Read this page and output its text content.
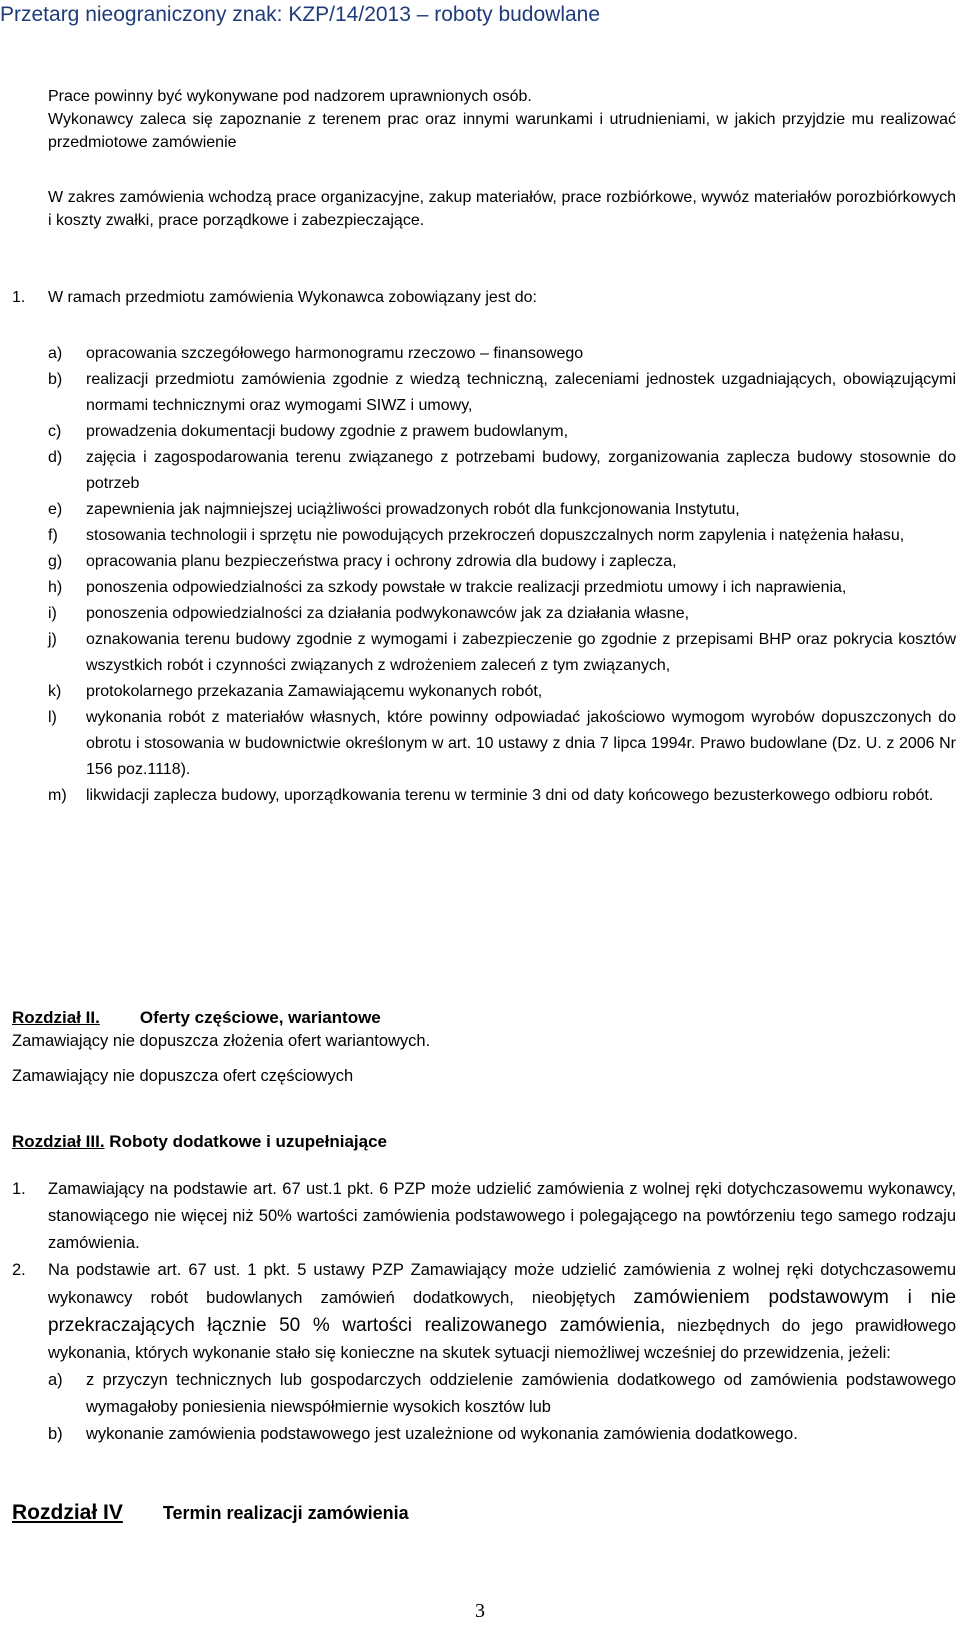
Przetarg nieograniczony znak: KZP/14/2013 – roboty budowlane

Prace powinny być wykonywane pod nadzorem uprawnionych osób.

Wykonawcy zaleca się zapoznanie z terenem prac oraz innymi warunkami i utrudnieniami, w jakich przyjdzie mu realizować przedmiotowe zamówienie

W zakres zamówienia wchodzą prace organizacyjne, zakup materiałów, prace rozbiórkowe, wywóz materiałów porozbiórkowych i koszty zwałki, prace porządkowe i zabezpieczające.

1. W ramach przedmiotu zamówienia Wykonawca zobowiązany jest do:
a)	opracowania szczegółowego harmonogramu rzeczowo – finansowego
b)	realizacji przedmiotu zamówienia zgodnie z wiedzą techniczną, zaleceniami jednostek uzgadniających, obowiązującymi normami technicznymi oraz wymogami SIWZ i umowy,
c)	prowadzenia dokumentacji budowy zgodnie z prawem budowlanym,
d)	zajęcia i zagospodarowania terenu związanego z potrzebami budowy, zorganizowania zaplecza budowy stosownie do potrzeb
e)	zapewnienia jak najmniejszej uciążliwości prowadzonych robót dla funkcjonowania Instytutu,
f)	stosowania technologii i sprzętu nie powodujących przekroczeń dopuszczalnych norm zapylenia i natężenia hałasu,
g)	opracowania planu bezpieczeństwa pracy i ochrony zdrowia dla budowy i zaplecza,
h)	ponoszenia odpowiedzialności za szkody powstałe w trakcie realizacji przedmiotu umowy i ich naprawienia,
i)	ponoszenia odpowiedzialności za działania podwykonawców jak za działania własne,
j)	oznakowania terenu budowy zgodnie z wymogami i zabezpieczenie go zgodnie z przepisami BHP oraz pokrycia kosztów wszystkich robót i czynności związanych z wdrożeniem zaleceń z tym związanych,
k)	protokolarnego przekazania Zamawiającemu wykonanych robót,
l)	wykonania robót z materiałów własnych, które powinny odpowiadać jakościowo wymogom wyrobów dopuszczonych do obrotu i stosowania w budownictwie określonym w art. 10 ustawy z dnia 7 lipca 1994r. Prawo budowlane (Dz. U. z 2006 Nr 156 poz.1118).
m)	likwidacji zaplecza budowy, uporządkowania terenu w terminie 3 dni od daty końcowego bezusterkowego odbioru robót.
Rozdział II. Oferty częściowe, wariantowe
Zamawiający nie dopuszcza złożenia ofert wariantowych.
Zamawiający nie dopuszcza ofert częściowych
Rozdział III. Roboty dodatkowe i uzupełniające
1.	Zamawiający na podstawie art. 67 ust.1 pkt. 6 PZP może udzielić zamówienia z wolnej ręki dotychczasowemu wykonawcy, stanowiącego nie więcej niż 50% wartości zamówienia podstawowego i polegającego na powtórzeniu tego samego rodzaju zamówienia.
2.	Na podstawie art. 67 ust. 1 pkt. 5 ustawy PZP Zamawiający może udzielić zamówienia z wolnej ręki dotychczasowemu wykonawcy robót budowlanych zamówień dodatkowych, nieobjętych zamówieniem podstawowym i nie przekraczających łącznie 50 % wartości realizowanego zamówienia, niezbędnych do jego prawidłowego wykonania, których wykonanie stało się konieczne na skutek sytuacji niemożliwej wcześniej do przewidzenia, jeżeli:
a)	z przyczyn technicznych lub gospodarczych oddzielenie zamówienia dodatkowego od zamówienia podstawowego wymagałoby poniesienia niewspółmiernie wysokich kosztów lub
b)	wykonanie zamówienia podstawowego jest uzależnione od wykonania zamówienia dodatkowego.
Rozdział IV Termin realizacji zamówienia
3
